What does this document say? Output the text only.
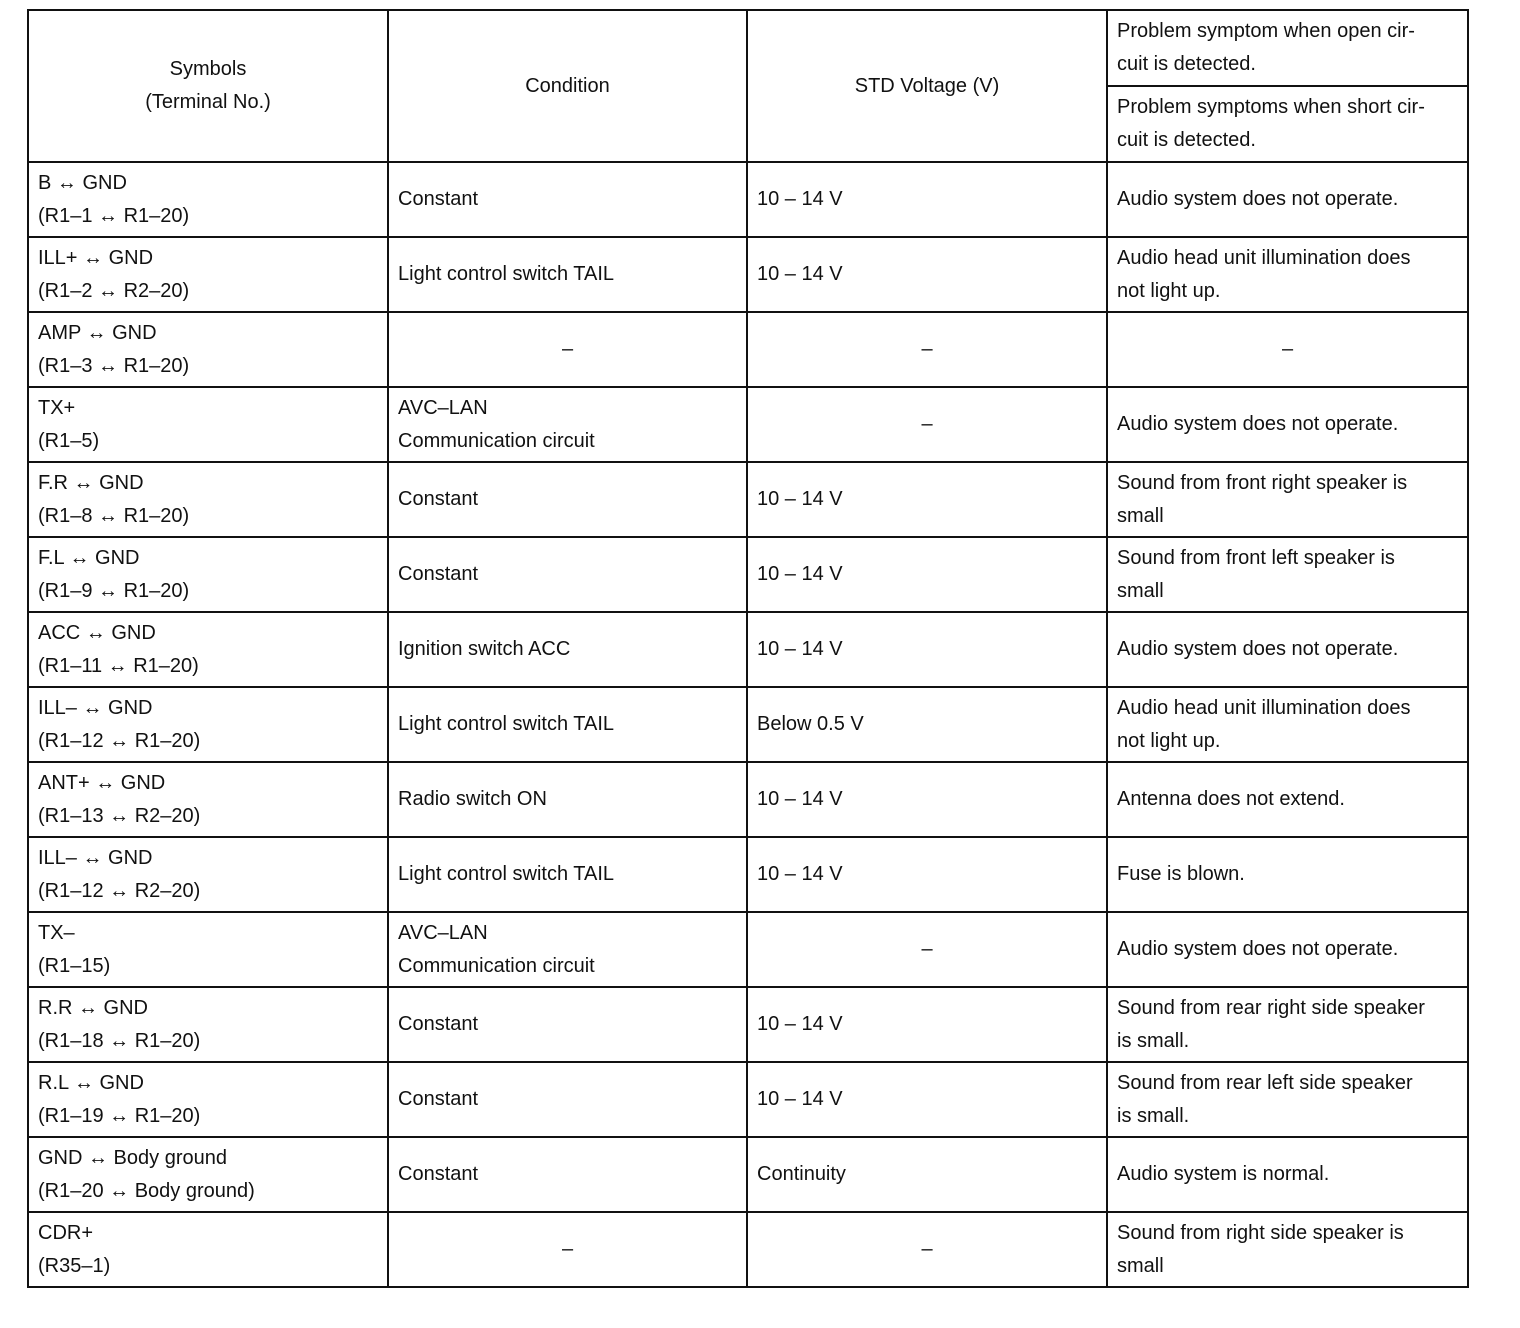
Symbols
(Terminal No.)	Condition	STD Voltage (V)	Problem symptom when open cir-
cuit is detected.

			Problem symptoms when short cir-
cuit is detected.

B ↔ GND
(R1–1 ↔ R1–20)	Constant	10 – 14 V	Audio system does not operate.

ILL+ ↔ GND
(R1–2 ↔ R2–20)	Light control switch TAIL	10 – 14 V	Audio head unit illumination does
not light up.

AMP ↔ GND
(R1–3 ↔ R1–20)	–	–	–

TX+
(R1–5)	AVC–LAN
Communication circuit	–	Audio system does not operate.

F.R ↔ GND
(R1–8 ↔ R1–20)	Constant	10 – 14 V	Sound from front right speaker is
small

F.L ↔ GND
(R1–9 ↔ R1–20)	Constant	10 – 14 V	Sound from front left speaker is
small

ACC ↔ GND
(R1–11 ↔ R1–20)	Ignition switch ACC	10 – 14 V	Audio system does not operate.

ILL– ↔ GND
(R1–12 ↔ R1–20)	Light control switch TAIL	Below 0.5 V	Audio head unit illumination does
not light up.

ANT+ ↔ GND
(R1–13 ↔ R2–20)	Radio switch ON	10 – 14 V	Antenna does not extend.

ILL– ↔ GND
(R1–12 ↔ R2–20)	Light control switch TAIL	10 – 14 V	Fuse is blown.

TX–
(R1–15)	AVC–LAN
Communication circuit	–	Audio system does not operate.

R.R ↔ GND
(R1–18 ↔ R1–20)	Constant	10 – 14 V	Sound from rear right side speaker
is small.

R.L ↔ GND
(R1–19 ↔ R1–20)	Constant	10 – 14 V	Sound from rear left side speaker
is small.

GND ↔ Body ground
(R1–20 ↔ Body ground)	Constant	Continuity	Audio system is normal.

CDR+
(R35–1)	–	–	Sound from right side speaker is
small
